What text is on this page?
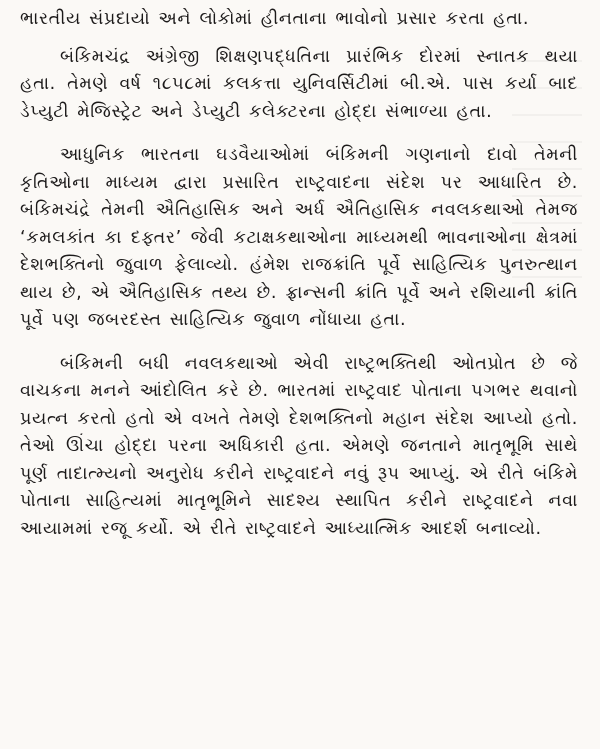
ભારતીય સંપ્રદાયો અને લોકોમાં હીનતાના ભાવોનો પ્રસાર કરતા હતા.

બંકિમચંદ્ર અંગ્રેજી શિક્ષણપદ્ધતિના પ્રારંભિક દોરમાં સ્નાતક થયા હતા. તેમણે વર્ષ ૧૮૫૮માં કલકત્તા યુનિવર્સિટીમાં બી.એ. પાસ કર્યા બાદ ડેપ્યુટી મેજિસ્ટ્રેટ અને ડેપ્યુટી કલેક્ટરના હોદ્દા સંભાળ્યા હતા.

આધુનિક ભારતના ઘડવૈયાઓમાં બંકિમની ગણનાનો દાવો તેમની કૃતિઓના માધ્યમ દ્વારા પ્રસારિત રાષ્ટ્રવાદના સંદેશ પર આધારિત છે. બંકિમચંદ્રે તેમની ઐતિહાસિક અને અર્ધ ઐતિહાસિક નવલકથાઓ તેમજ ‘કમલકાંત કા દફ્તર’ જેવી કટાક્ષકથાઓના માધ્યમથી ભાવનાઓના ક્ષેત્રમાં દેશભક્તિનો જુવાળ ફેલાવ્યો. હંમેશ રાજક્રાંતિ પૂર્વે સાહિત્યિક પુનરુત્થાન થાય છે, એ ઐતિહાસિક તથ્ય છે. ફ્રાન્સની ક્રાંતિ પૂર્વે અને રશિયાની ક્રાંતિ પૂર્વે પણ જબરદસ્ત સાહિત્યિક જુવાળ નોંધાયા હતા.

બંકિમની બધી નવલકથાઓ એવી રાષ્ટ્રભક્તિથી ઓતપ્રોત છે જે વાચકના મનને આંદોલિત કરે છે. ભારતમાં રાષ્ટ્રવાદ પોતાના પગભર થવાનો પ્રયત્ન કરતો હતો એ વખતે તેમણે દેશભક્તિનો મહાન સંદેશ આપ્યો હતો. તેઓ ઊંચા હોદ્દા પરના અધિકારી હતા. એમણે જનતાને માતૃભૂમિ સાથે પૂર્ણ તાદાત્મ્યનો અનુરોધ કરીને રાષ્ટ્રવાદને નવું રૂપ આપ્યું. એ રીતે બંકિમે પોતાના સાહિત્યમાં માતૃભૂમિને સાદશ્ય સ્થાપિત કરીને રાષ્ટ્રવાદને નવા આયામમાં રજૂ કર્યો. એ રીતે રાષ્ટ્રવાદને આધ્યાત્મિક આદર્શ બનાવ્યો.
